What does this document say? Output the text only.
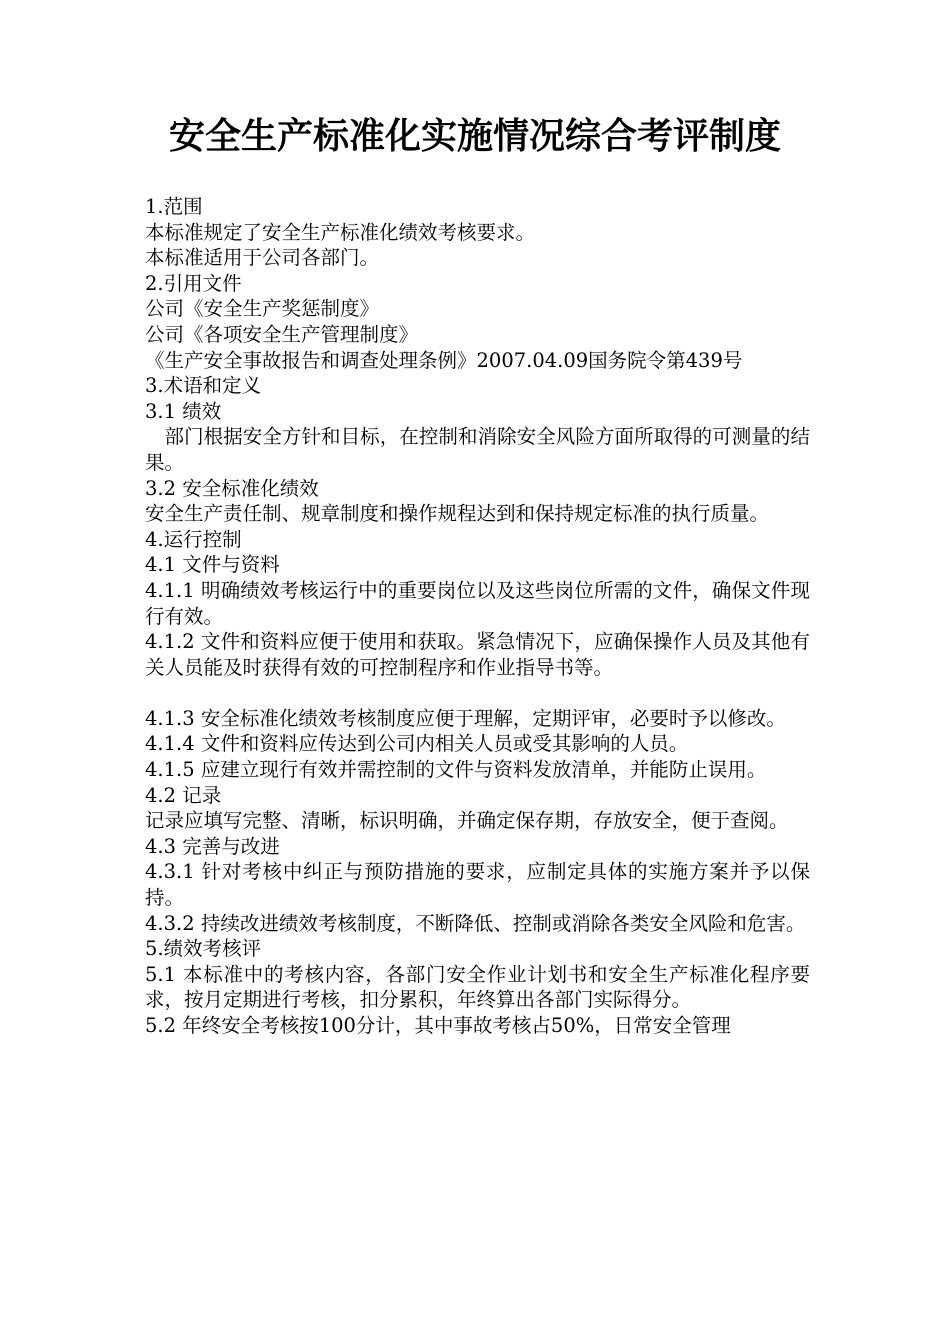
安全生产标准化实施情况综合考评制度

1.范围

本标准规定了安全生产标准化绩效考核要求。

本标准适用于公司各部门。

2.引用文件

公司《安全生产奖惩制度》

公司《各项安全生产管理制度》

《生产安全事故报告和调查处理条例》2007.04.09国务院令第439号

3.术语和定义

3.1 绩效

　部门根据安全方针和目标，在控制和消除安全风险方面所取得的可测量的结果。

3.2 安全标准化绩效

安全生产责任制、规章制度和操作规程达到和保持规定标准的执行质量。

4.运行控制

4.1 文件与资料

4.1.1 明确绩效考核运行中的重要岗位以及这些岗位所需的文件，确保文件现行有效。

4.1.2 文件和资料应便于使用和获取。紧急情况下，应确保操作人员及其他有关人员能及时获得有效的可控制程序和作业指导书等。

4.1.3 安全标准化绩效考核制度应便于理解，定期评审，必要时予以修改。

4.1.4 文件和资料应传达到公司内相关人员或受其影响的人员。

4.1.5 应建立现行有效并需控制的文件与资料发放清单，并能防止误用。

4.2 记录

记录应填写完整、清晰，标识明确，并确定保存期，存放安全，便于查阅。

4.3 完善与改进

4.3.1 针对考核中纠正与预防措施的要求，应制定具体的实施方案并予以保持。

4.3.2 持续改进绩效考核制度，不断降低、控制或消除各类安全风险和危害。

5.绩效考核评

5.1 本标准中的考核内容，各部门安全作业计划书和安全生产标准化程序要求，按月定期进行考核，扣分累积，年终算出各部门实际得分。

5.2 年终安全考核按100分计，其中事故考核占50%，日常安全管理
